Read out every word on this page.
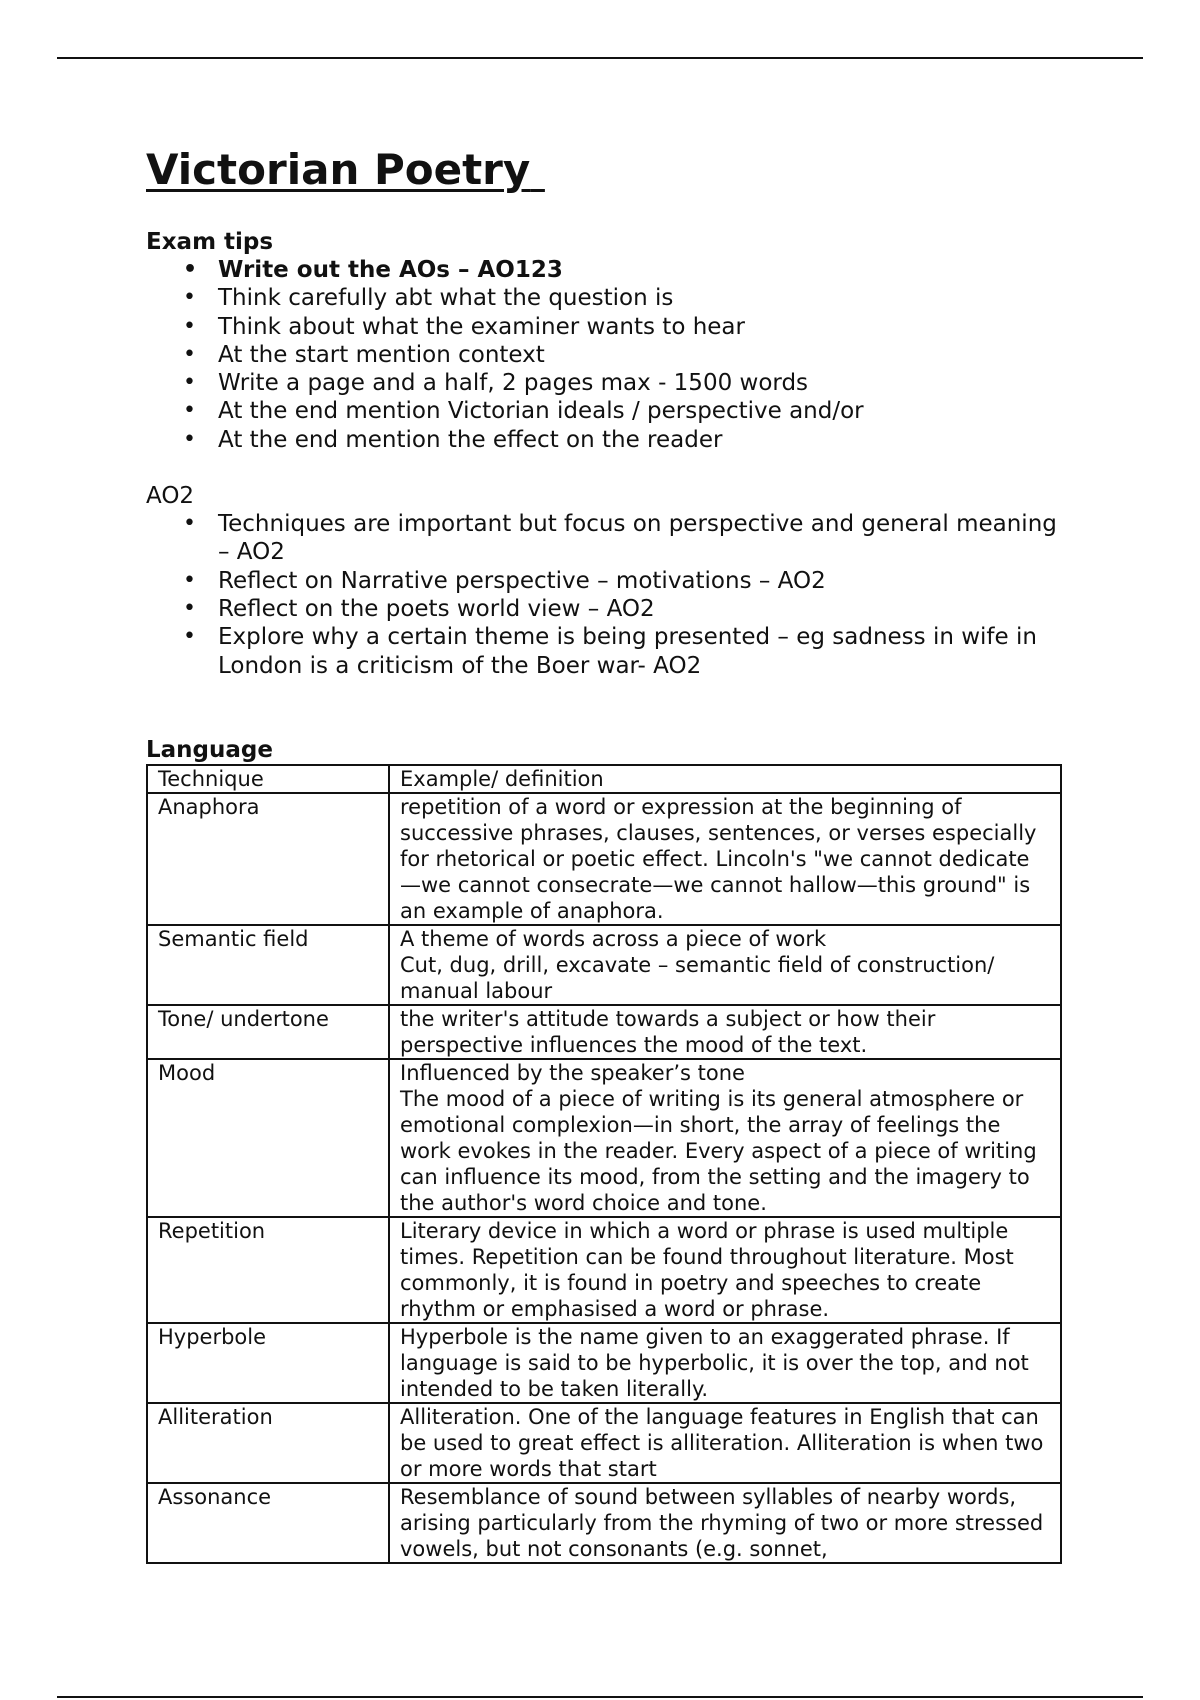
Victorian Poetry

Exam tips

• Write out the AOs – AO123
• Think carefully abt what the question is
• Think about what the examiner wants to hear
• At the start mention context
• Write a page and a half, 2 pages max - 1500 words
• At the end mention Victorian ideals / perspective and/or
• At the end mention the effect on the reader

AO2

• Techniques are important but focus on perspective and general meaning – AO2
• Reflect on Narrative perspective – motivations – AO2
• Reflect on the poets world view – AO2
• Explore why a certain theme is being presented – eg sadness in wife in London is a criticism of the Boer war- AO2

Language

Technique	Example/ definition
Anaphora	repetition of a word or expression at the beginning of successive phrases, clauses, sentences, or verses especially for rhetorical or poetic effect. Lincoln's "we cannot dedicate—we cannot consecrate—we cannot hallow—this ground" is an example of anaphora.

Semantic field	A theme of words across a piece of work
Cut, dug, drill, excavate – semantic field of construction/ manual labour

Tone/ undertone	the writer's attitude towards a subject or how their perspective influences the mood of the text.

Mood	Influenced by the speaker’s tone
The mood of a piece of writing is its general atmosphere or emotional complexion—in short, the array of feelings the work evokes in the reader. Every aspect of a piece of writing can influence its mood, from the setting and the imagery to the author's word choice and tone.

Repetition	Literary device in which a word or phrase is used multiple times. Repetition can be found throughout literature. Most commonly, it is found in poetry and speeches to create rhythm or emphasised a word or phrase.

Hyperbole	Hyperbole is the name given to an exaggerated phrase. If language is said to be hyperbolic, it is over the top, and not intended to be taken literally.

Alliteration	Alliteration. One of the language features in English that can be used to great effect is alliteration. Alliteration is when two or more words that start

Assonance	Resemblance of sound between syllables of nearby words, arising particularly from the rhyming of two or more stressed vowels, but not consonants (e.g. sonnet,
